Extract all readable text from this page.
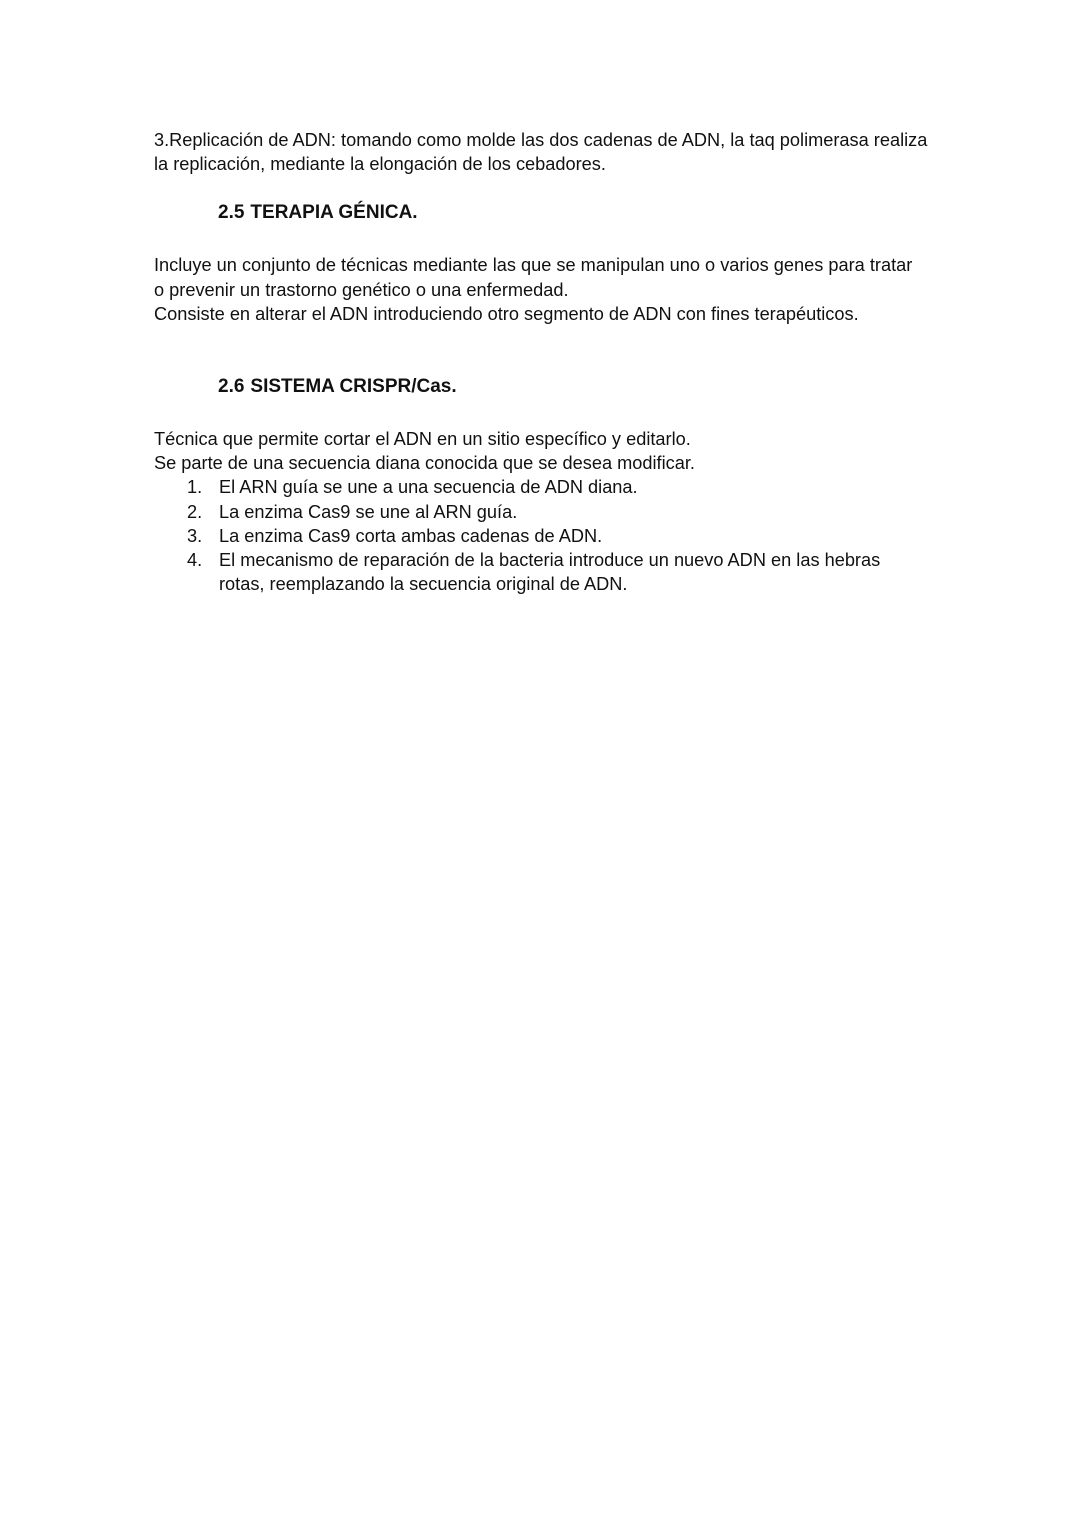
3.Replicación de ADN: tomando como molde las dos cadenas de ADN, la taq polimerasa realiza
la replicación, mediante la elongación de los cebadores.

2.5 TERAPIA GÉNICA.

Incluye un conjunto de técnicas mediante las que se manipulan uno o varios genes para tratar
o prevenir un trastorno genético o una enfermedad.
Consiste en alterar el ADN introduciendo otro segmento de ADN con fines terapéuticos.

2.6 SISTEMA CRISPR/Cas.
Técnica que permite cortar el ADN en un sitio específico y editarlo.
Se parte de una secuencia diana conocida que se desea modificar.
1. El ARN guía se une a una secuencia de ADN diana.
2. La enzima Cas9 se une al ARN guía.
3. La enzima Cas9 corta ambas cadenas de ADN.
4. El mecanismo de reparación de la bacteria introduce un nuevo ADN en las hebras
rotas, reemplazando la secuencia original de ADN.
